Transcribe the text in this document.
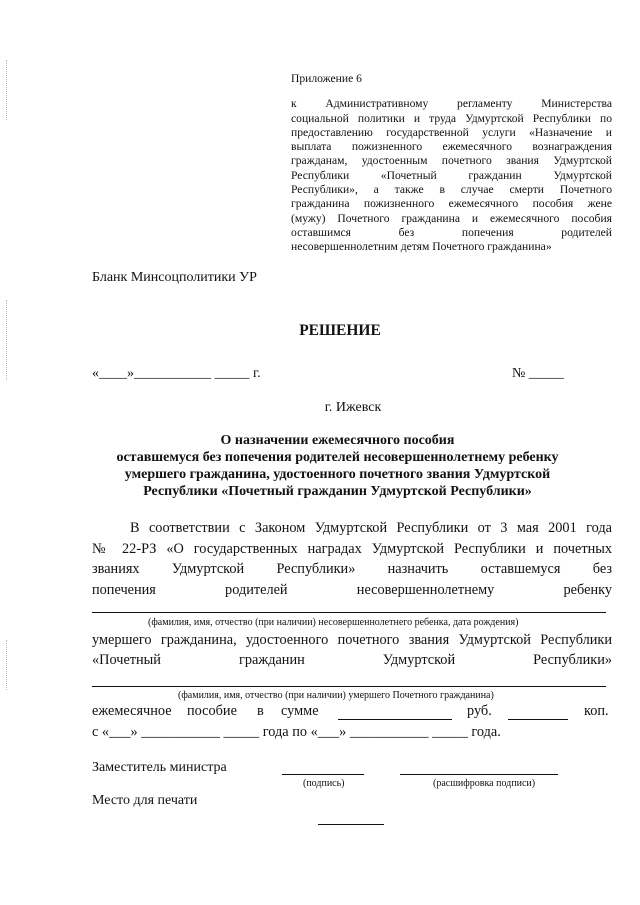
Приложение 6
к Административному регламенту Министерства
социальной политики и труда Удмуртской Республики по
предоставлению государственной услуги «Назначение и
выплата пожизненного ежемесячного вознаграждения
гражданам, удостоенным почетного звания Удмуртской
Республики «Почетный гражданин Удмуртской
Республики», а также в случае смерти Почетного
гражданина пожизненного ежемесячного пособия жене
(мужу) Почетного гражданина и ежемесячного пособия
оставшимся без попечения родителей
несовершеннолетним детям Почетного гражданина»
Бланк Минсоцполитики УР
РЕШЕНИЕ
«____»___________ _____ г.	№ _____
г. Ижевск
О назначении ежемесячного пособия
оставшемуся без попечения родителей несовершеннолетнему ребенку
умершего гражданина, удостоенного почетного звания Удмуртской
Республики «Почетный гражданин Удмуртской Республики»
В соответствии с Законом Удмуртской Республики от 3 мая 2001 года
№ 22-РЗ «О государственных наградах Удмуртской Республики и почетных
званиях Удмуртской Республики» назначить оставшемуся без
попечения родителей несовершеннолетнему ребенку
(фамилия, имя, отчество (при наличии) несовершеннолетнего ребенка, дата рождения)
умершего гражданина, удостоенного почетного звания Удмуртской Республики
«Почетный гражданин Удмуртской Республики»
(фамилия, имя, отчество (при наличии) умершего Почетного гражданина)
ежемесячное пособие в сумме	руб.	коп.
с «___» ___________ _____ года по «___» ___________ _____ года.
Заместитель министра
(подпись)	(расшифровка подписи)
Место для печати
